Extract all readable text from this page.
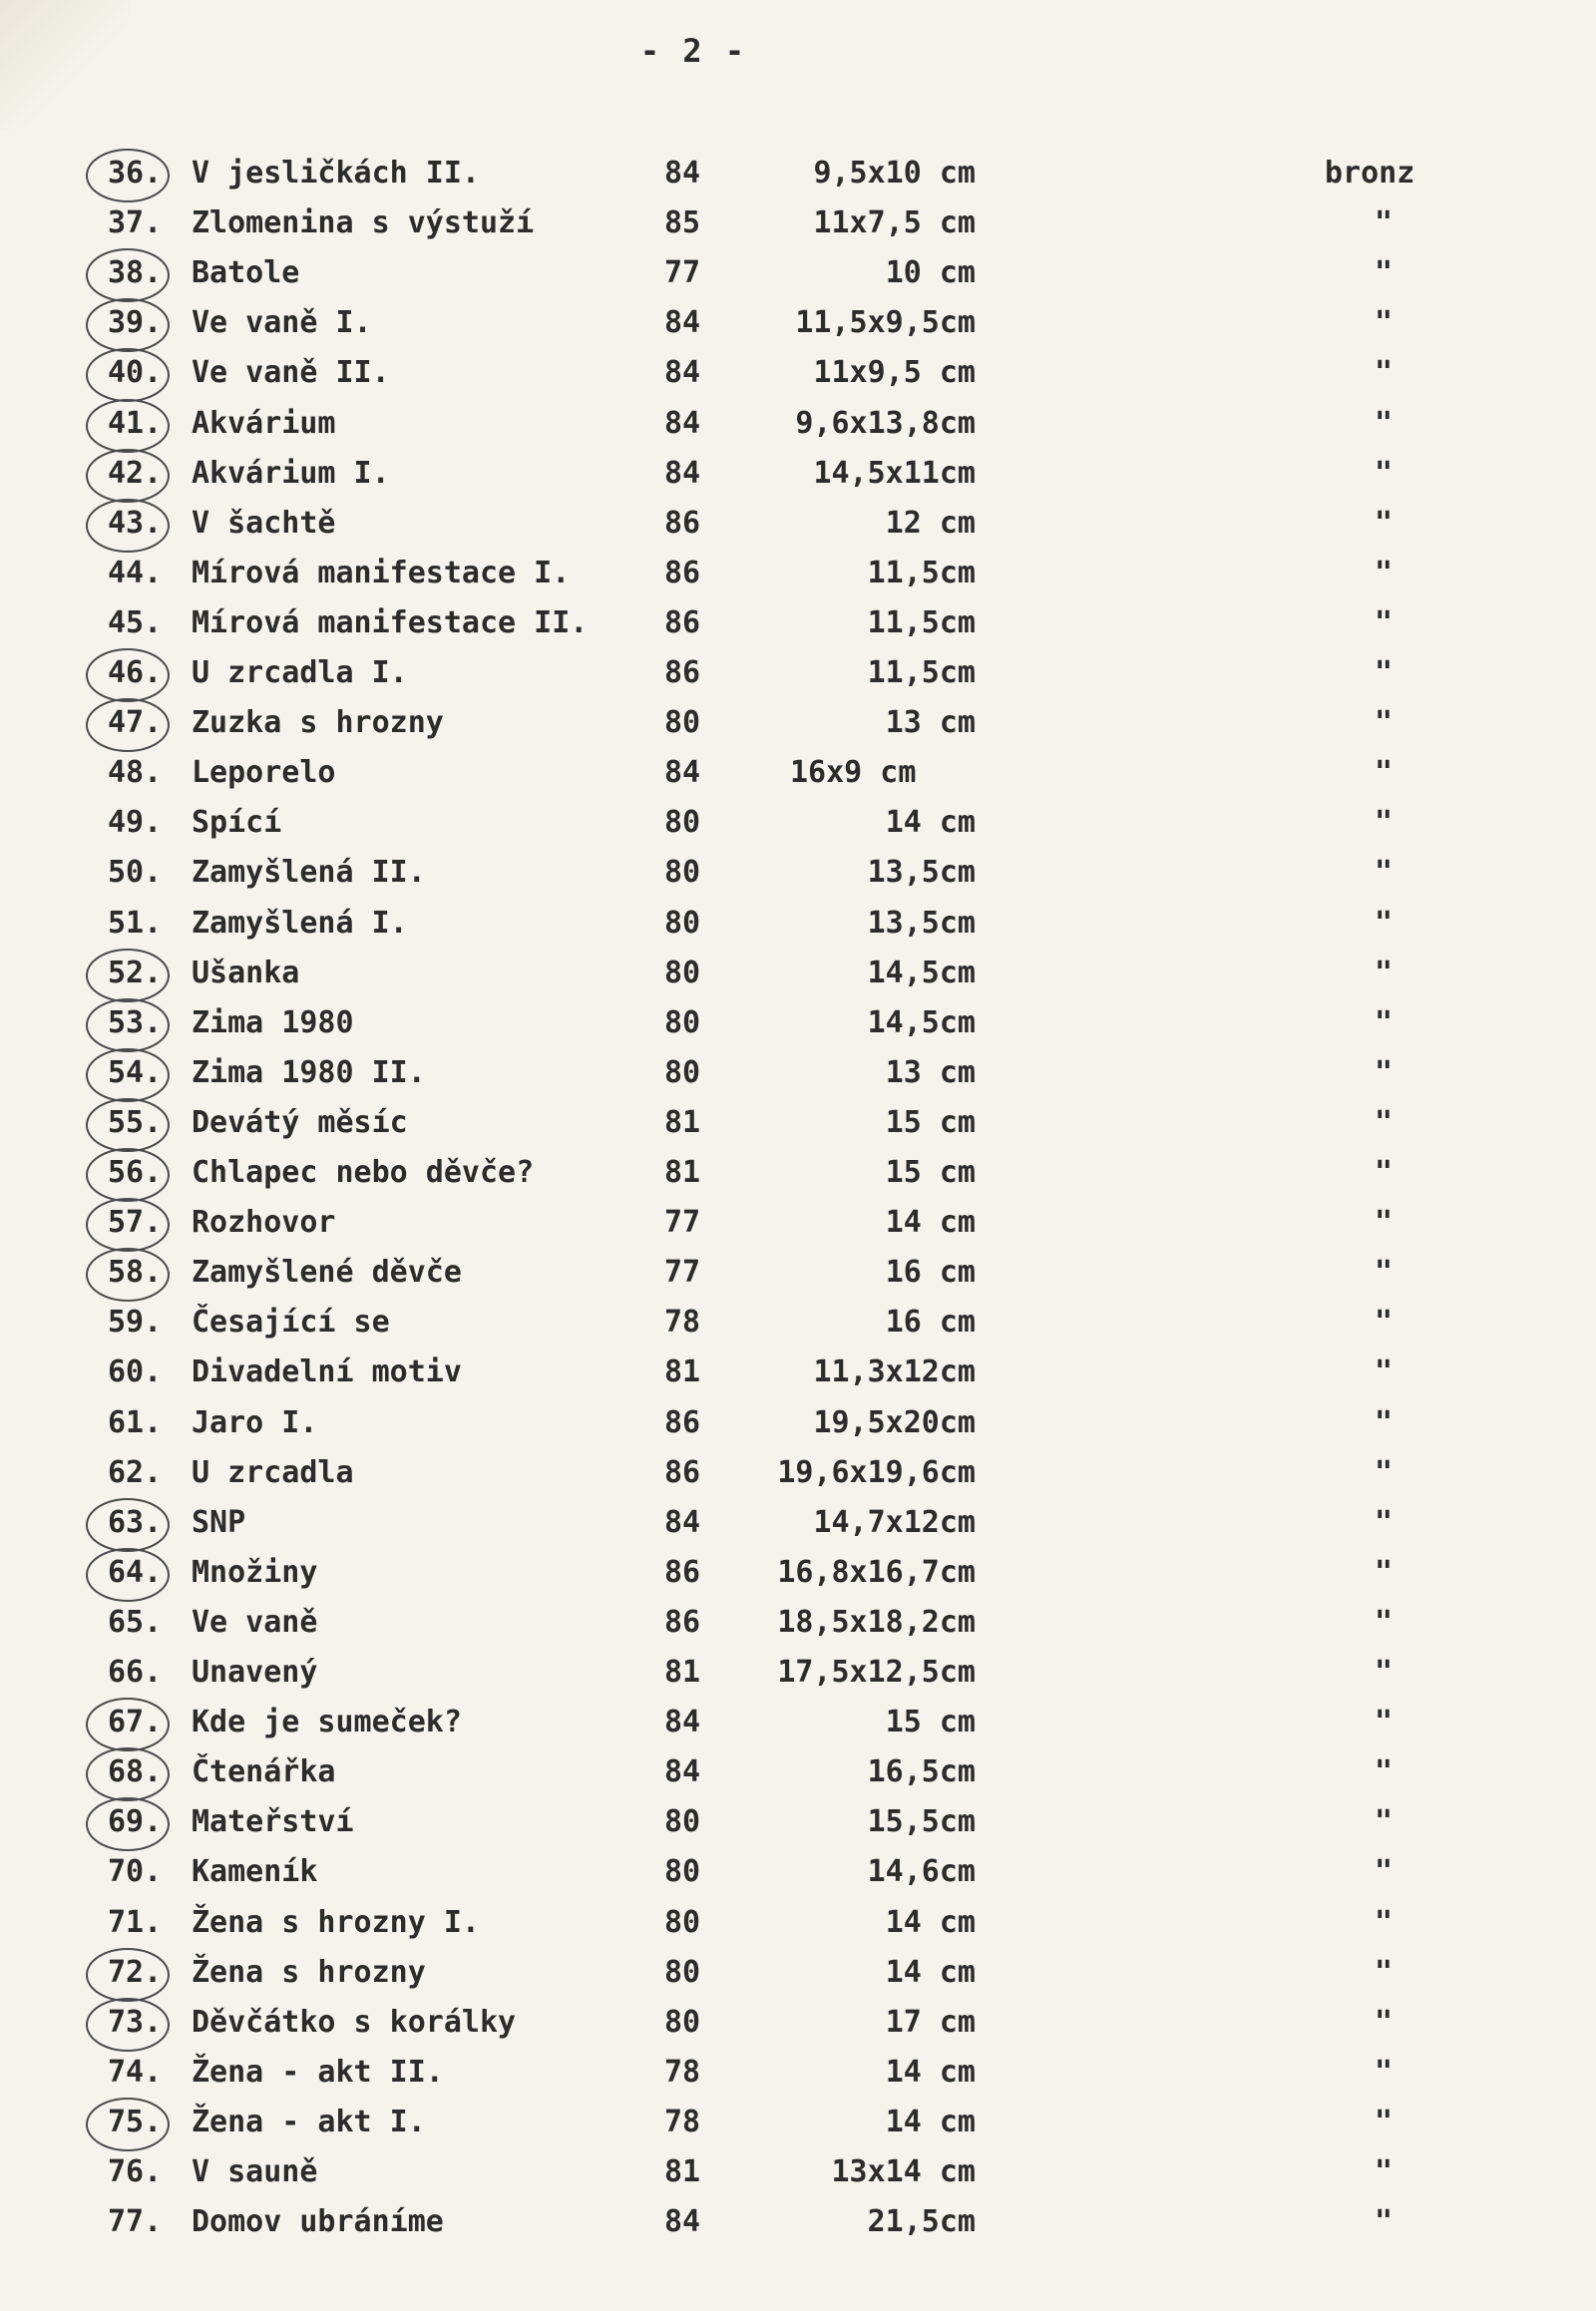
- 2 -
36. V jesličkách II.	84	9,5x10 cm	bronz
37. Zlomenina s výstuží	85	11x7,5 cm	"
38. Batole	77	10 cm	"
39. Ve vaně I.	84	11,5x9,5cm	"
40. Ve vaně II.	84	11x9,5 cm	"
41. Akvárium	84	9,6x13,8cm	"
42. Akvárium I.	84	14,5x11cm	"
43. V šachtě	86	12 cm	"
44. Mírová manifestace I.	86	11,5cm	"
45. Mírová manifestace II.	86	11,5cm	"
46. U zrcadla I.	86	11,5cm	"
47. Zuzka s hrozny	80	13 cm	"
48. Leporelo	84	16x9 cm	"
49. Spící	80	14 cm	"
50. Zamyšlená II.	80	13,5cm	"
51. Zamyšlená I.	80	13,5cm	"
52. Ušanka	80	14,5cm	"
53. Zima 1980	80	14,5cm	"
54. Zima 1980 II.	80	13 cm	"
55. Devátý měsíc	81	15 cm	"
56. Chlapec nebo děvče?	81	15 cm	"
57. Rozhovor	77	14 cm	"
58. Zamyšlené děvče	77	16 cm	"
59. Česající se	78	16 cm	"
60. Divadelní motiv	81	11,3x12cm	"
61. Jaro I.	86	19,5x20cm	"
62. U zrcadla	86	19,6x19,6cm	"
63. SNP	84	14,7x12cm	"
64. Množiny	86	16,8x16,7cm	"
65. Ve vaně	86	18,5x18,2cm	"
66. Unavený	81	17,5x12,5cm	"
67. Kde je sumeček?	84	15 cm	"
68. Čtenářka	84	16,5cm	"
69. Mateřství	80	15,5cm	"
70. Kameník	80	14,6cm	"
71. Žena s hrozny I.	80	14 cm	"
72. Žena s hrozny	80	14 cm	"
73. Děvčátko s korálky	80	17 cm	"
74. Žena - akt II.	78	14 cm	"
75. Žena - akt I.	78	14 cm	"
76. V sauně	81	13x14 cm	"
77. Domov ubráníme	84	21,5cm	"
